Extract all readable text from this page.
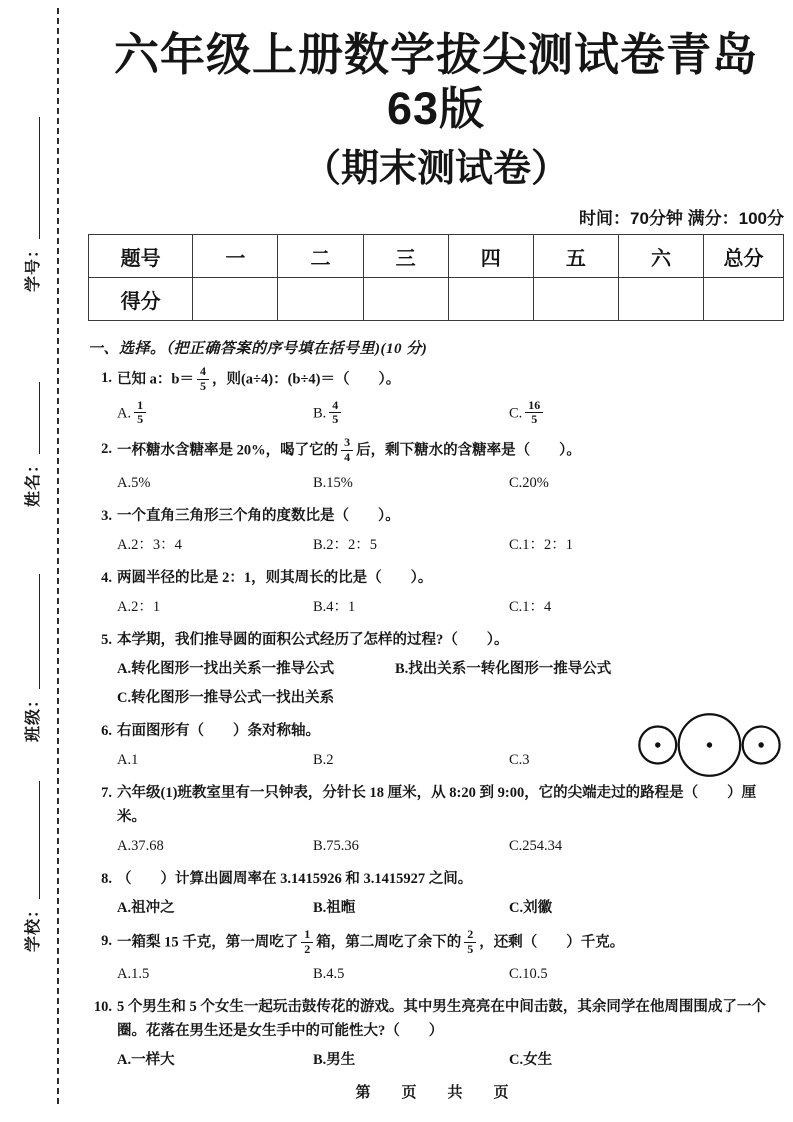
学号：
姓名：
班级：
学校：
六年级上册数学拔尖测试卷青岛63版
（期末测试卷）
时间：70分钟 满分：100分
题号	一	二	三	四	五	六	总分
得分							
一、选择。（把正确答案的序号填在括号里)(10 分)
1. 已知 a：$b= \frac{4}{5}$ ，则(a÷4)：(b÷4)＝（　　）。
A. $\frac{1}{5}$	B. $\frac{4}{5}$	C. $\frac{16}{5}$
2. 一杯糖水含糖率是 20%，喝了它的 $\frac{3}{4}$ 后，剩下糖水的含糖率是（　　）。
A.5%	B.15%	C.20%
3. 一个直角三角形三个角的度数比是（　　）。
A.2：3：4	B.2：2：5	C.1：2：1
4. 两圆半径的比是 2：1，则其周长的比是（　　）。
A.2：1	B.4：1	C.1：4
5. 本学期，我们推导圆的面积公式经历了怎样的过程?（　　）。
A.转化图形一找出关系一推导公式	B.找出关系一转化图形一推导公式
C.转化图形一推导公式一找出关系
6. 右面图形有（　　）条对称轴。
A.1	B.2	C.3
7. 六年级(1)班教室里有一只钟表，分针长 18 厘米，从 8:20 到 9:00，它的尖端走过的路程是（　　）厘米。
A.37.68	B.75.36	C.254.34
8. （　　）计算出圆周率在 3.1415926 和 3.1415927 之间。
A.祖冲之	B.祖暅	C.刘徽
9. 一箱梨 15 千克，第一周吃了 $\frac{1}{2}$ 箱，第二周吃了余下的 $\frac{2}{5}$ ，还剩（　　）千克。
A.1.5	B.4.5	C.10.5
10. 5 个男生和 5 个女生一起玩击鼓传花的游戏。其中男生亮亮在中间击鼓，其余同学在他周围围成了一个圈。花落在男生还是女生手中的可能性大?（　　）
A.一样大	B.男生	C.女生
第　页　共　页
